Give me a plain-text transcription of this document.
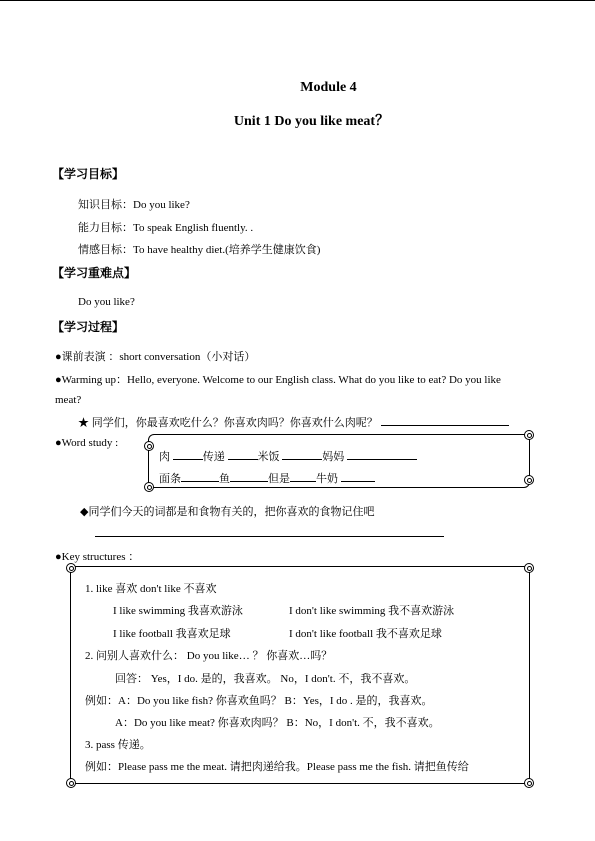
Module 4
Unit 1 Do you like meat？
【学习目标】
知识目标：Do you like?
能力目标：To speak English fluently. .
情感目标：To have healthy diet.(培养学生健康饮食)
【学习重难点】
Do you like?
【学习过程】
●课前表演 ：short conversation（小对话）
●Warming up：Hello, everyone. Welcome to our English class. What do you like to eat? Do you like
meat?
★ 同学们，你最喜欢吃什么？你喜欢肉吗？你喜欢什么肉呢？
●Word study :
肉	传递	米饭	妈妈
面条	鱼	但是 牛奶
◆同学们今天的词都是和食物有关的，把你喜欢的食物记住吧
●Key structures ：
1. like 喜欢 don't like 不喜欢
I like swimming 我喜欢游泳	I don't like swimming 我不喜欢游泳
I like football 我喜欢足球	I don't like football 我不喜欢足球
2. 问别人喜欢什么： Do you like… ？ 你喜欢…吗？
回答： Yes，I do. 是的，我喜欢。 No，I don't. 不，我不喜欢。
例如：A：Do you like fish? 你喜欢鱼吗？ B：Yes，I do . 是的，我喜欢。
A：Do you like meat? 你喜欢肉吗？ B：No，I don't. 不，我不喜欢。
3. pass 传递。
例如：Please pass me the meat. 请把肉递给我。Please pass me the fish. 请把鱼传给
